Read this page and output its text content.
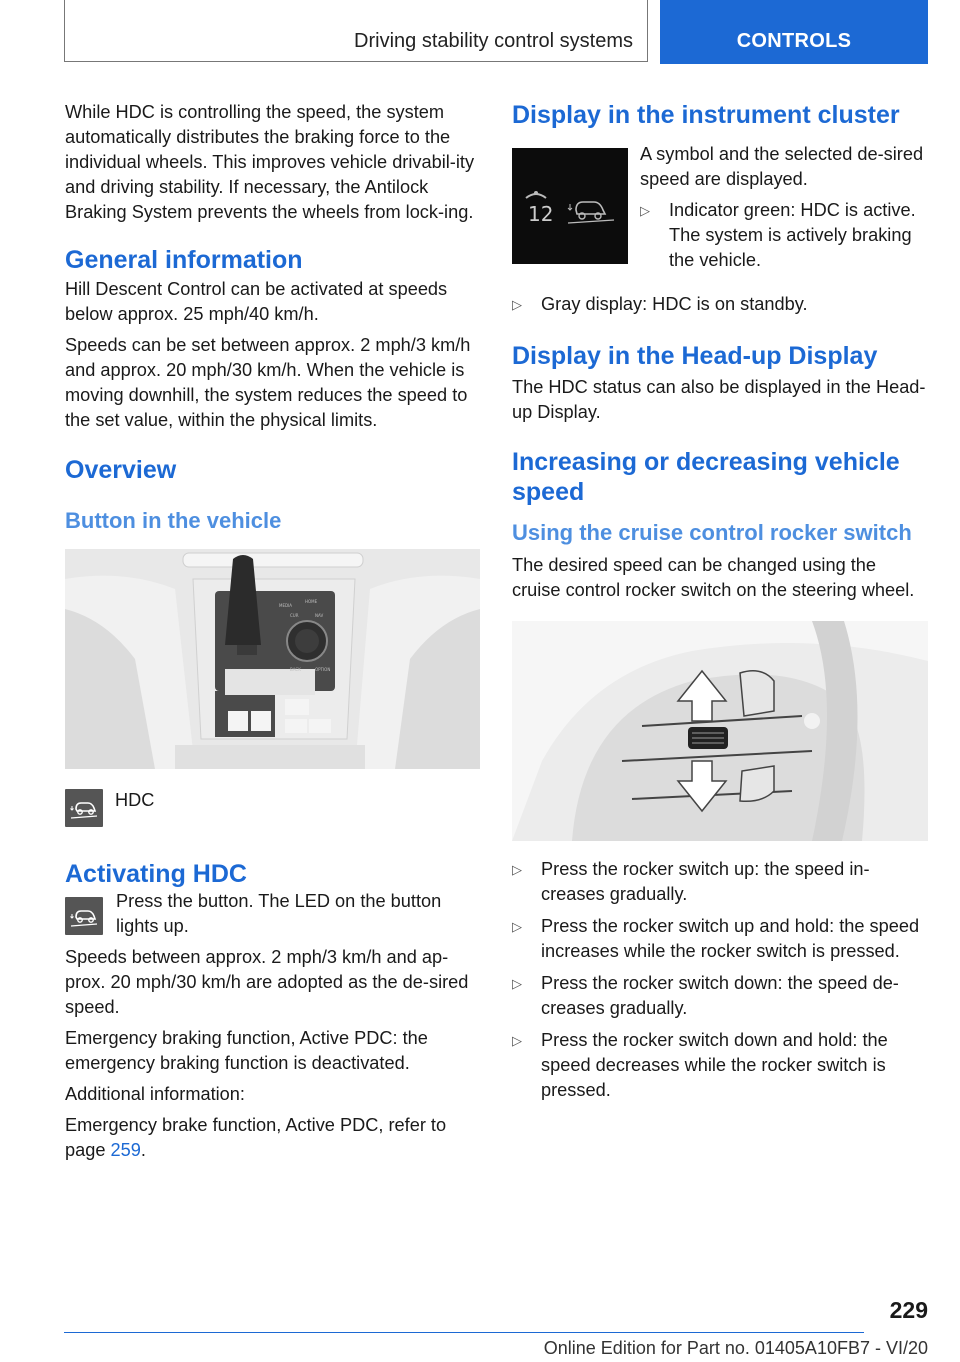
Driving stability control systems	CONTROLS

While HDC is controlling the speed, the system automatically distributes the braking force to the individual wheels. This improves vehicle drivabil-ity and driving stability. If necessary, the Antilock Braking System prevents the wheels from lock-ing.

General information

Hill Descent Control can be activated at speeds below approx. 25 mph/40 km/h.

Speeds can be set between approx. 2 mph/3 km/h and approx. 20 mph/30 km/h. When the vehicle is moving downhill, the system reduces the speed to the set value, within the physical limits.

Overview
Button in the vehicle
MEDIA
HOME
CUR	NAV
BACK	OPTION

HDC

Activating HDC

Press the button. The LED on the button lights up.

Speeds between approx. 2 mph/3 km/h and ap-prox. 20 mph/30 km/h are adopted as the de-sired speed.

Emergency braking function, Active PDC: the emergency braking function is deactivated.

Additional information:

Emergency brake function, Active PDC, refer to page 259.

Display in the instrument cluster
12

A symbol and the selected de-sired speed are displayed.

▷ Indicator green: HDC is active. The system is actively braking the vehicle.
▷ Gray display: HDC is on standby.
Display in the Head-up Display

The HDC status can also be displayed in the Head-up Display.

Increasing or decreasing vehicle speed
Using the cruise control rocker switch

The desired speed can be changed using the cruise control rocker switch on the steering wheel.

▷ Press the rocker switch up: the speed in-creases gradually.
▷ Press the rocker switch up and hold: the speed increases while the rocker switch is pressed.
▷ Press the rocker switch down: the speed de-creases gradually.
▷ Press the rocker switch down and hold: the speed decreases while the rocker switch is pressed.
229
Online Edition for Part no. 01405A10FB7 - VI/20
